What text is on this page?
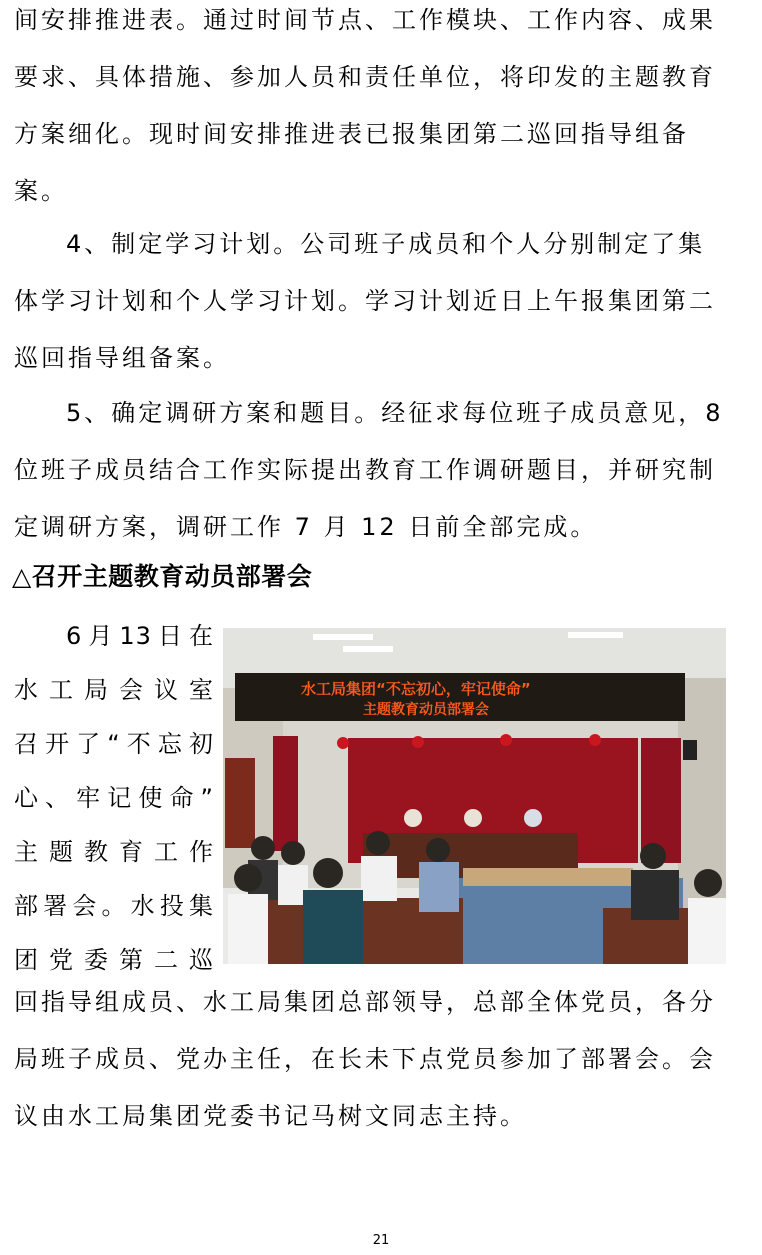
间安排推进表。通过时间节点、工作模块、工作内容、成果
要求、具体措施、参加人员和责任单位，将印发的主题教育
方案细化。现时间安排推进表已报集团第二巡回指导组备
案。

4、制定学习计划。公司班子成员和个人分别制定了集
体学习计划和个人学习计划。学习计划近日上午报集团第二
巡回指导组备案。

5、确定调研方案和题目。经征求每位班子成员意见，8
位班子成员结合工作实际提出教育工作调研题目，并研究制
定调研方案，调研工作 7 月 12 日前全部完成。

△召开主题教育动员部署会

6月13日在
水工局会议室
召开了“不忘初
心、牢记使命”
主题教育工作
部署会。水投集
团党委第二巡

水工局集团“不忘初心，牢记使命”
主题教育动员部署会

回指导组成员、水工局集团总部领导，总部全体党员，各分
局班子成员、党办主任，在长未下点党员参加了部署会。会
议由水工局集团党委书记马树文同志主持。

21
